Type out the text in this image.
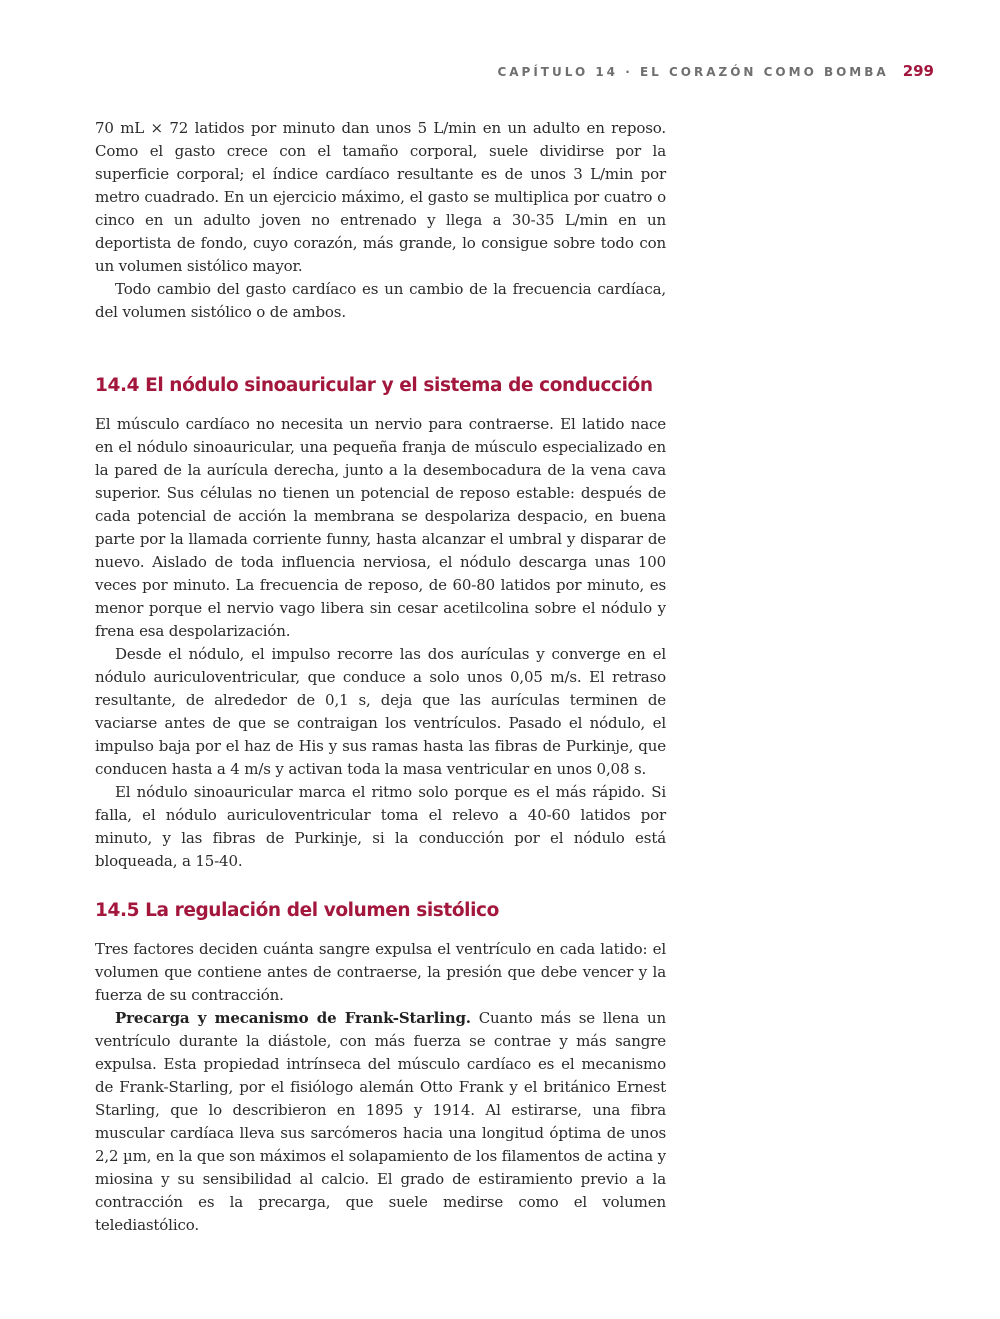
CAPÍTULO 14 · EL CORAZÓN COMO BOMBA 299

70 mL × 72 latidos por minuto dan unos 5 L/min en un adulto en reposo. Como el gasto crece con el tamaño corporal, suele dividirse por la superficie corporal; el índice cardíaco resultante es de unos 3 L/min por metro cuadrado. En un ejercicio máximo, el gasto se multiplica por cuatro o cinco en un adulto joven no entrenado y llega a 30-35 L/min en un deportista de fondo, cuyo corazón, más grande, lo consigue sobre todo con un volumen sistólico mayor.

Todo cambio del gasto cardíaco es un cambio de la frecuencia cardíaca, del volumen sistólico o de ambos.

14.4 El nódulo sinoauricular y el sistema de conducción

El músculo cardíaco no necesita un nervio para contraerse. El latido nace en el nódulo sinoauricular, una pequeña franja de músculo especializado en la pared de la aurícula derecha, junto a la desembocadura de la vena cava superior. Sus células no tienen un potencial de reposo estable: después de cada potencial de acción la membrana se despolariza despacio, en buena parte por la llamada corriente funny, hasta alcanzar el umbral y disparar de nuevo. Aislado de toda influencia nerviosa, el nódulo descarga unas 100 veces por minuto. La frecuencia de reposo, de 60-80 latidos por minuto, es menor porque el nervio vago libera sin cesar acetilcolina sobre el nódulo y frena esa despolarización.

Desde el nódulo, el impulso recorre las dos aurículas y converge en el nódulo auriculoventricular, que conduce a solo unos 0,05 m/s. El retraso resultante, de alrededor de 0,1 s, deja que las aurículas terminen de vaciarse antes de que se contraigan los ventrículos. Pasado el nódulo, el impulso baja por el haz de His y sus ramas hasta las fibras de Purkinje, que conducen hasta a 4 m/s y activan toda la masa ventricular en unos 0,08 s.

El nódulo sinoauricular marca el ritmo solo porque es el más rápido. Si falla, el nódulo auriculoventricular toma el relevo a 40-60 latidos por minuto, y las fibras de Purkinje, si la conducción por el nódulo está bloqueada, a 15-40.

14.5 La regulación del volumen sistólico

Tres factores deciden cuánta sangre expulsa el ventrículo en cada latido: el volumen que contiene antes de contraerse, la presión que debe vencer y la fuerza de su contracción.

Precarga y mecanismo de Frank-Starling. Cuanto más se llena un ventrículo durante la diástole, con más fuerza se contrae y más sangre expulsa. Esta propiedad intrínseca del músculo cardíaco es el mecanismo de Frank-Starling, por el fisiólogo alemán Otto Frank y el británico Ernest Starling, que lo describieron en 1895 y 1914. Al estirarse, una fibra muscular cardíaca lleva sus sarcómeros hacia una longitud óptima de unos 2,2 µm, en la que son máximos el solapamiento de los filamentos de actina y miosina y su sensibilidad al calcio. El grado de estiramiento previo a la contracción es la precarga, que suele medirse como el volumen telediastólico.
